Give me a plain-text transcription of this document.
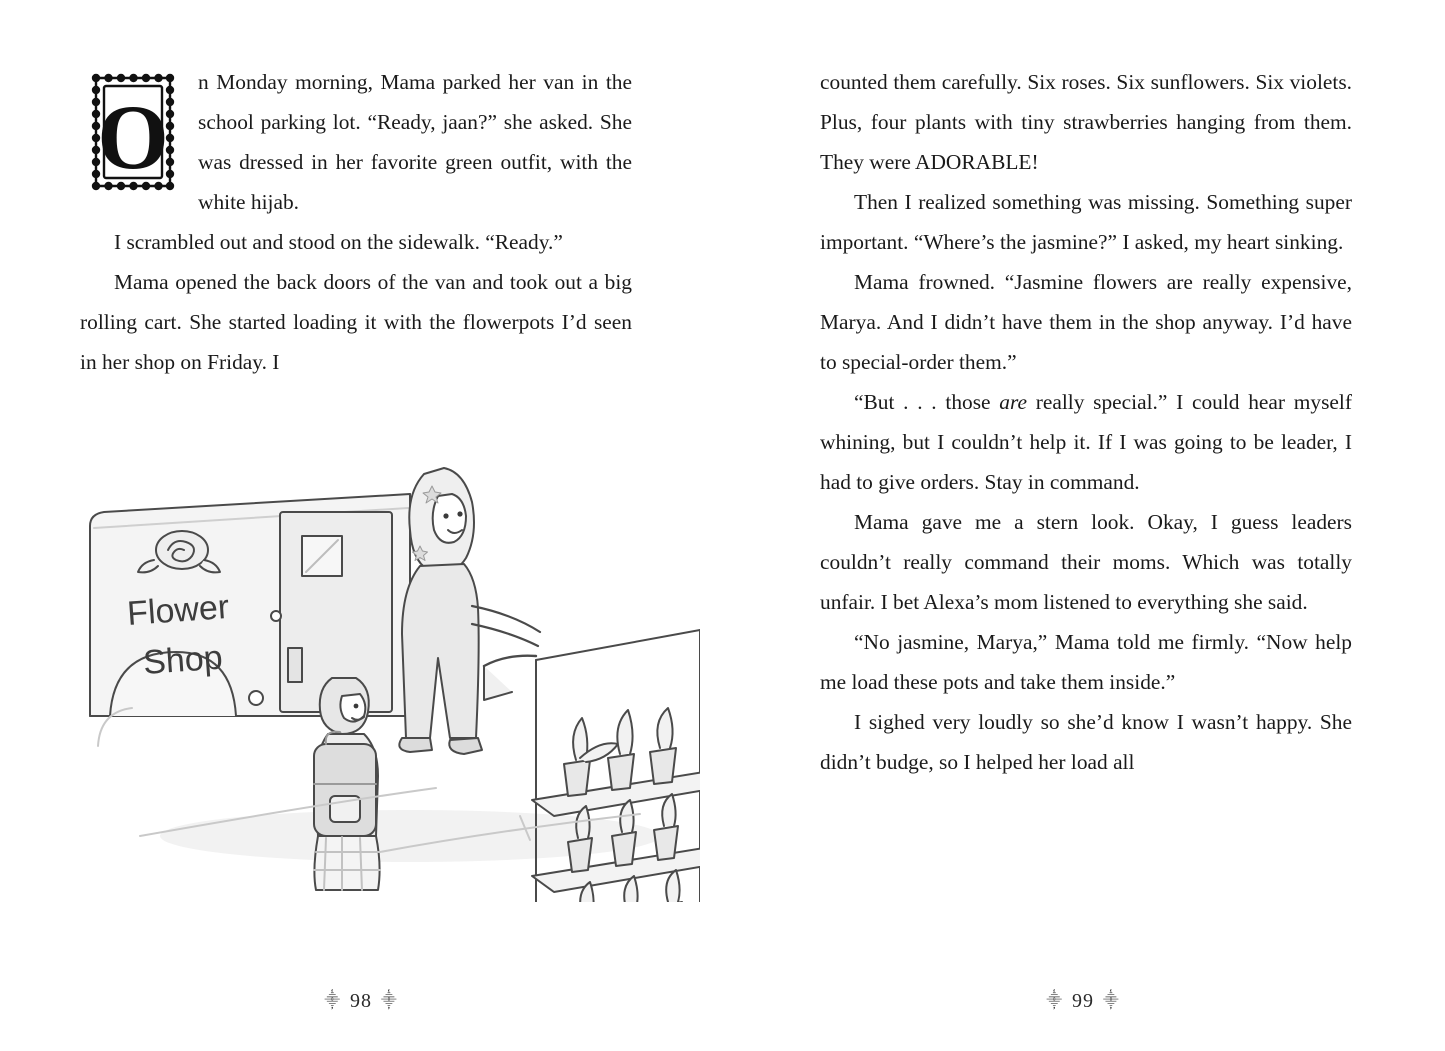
O

n Monday morning, Mama parked her van in the school parking lot. “Ready, jaan?” she asked. She was dressed in her favorite green outfit, with the white hijab.

I scrambled out and stood on the sidewalk. “Ready.”

Mama opened the back doors of the van and took out a big rolling cart. She started loading it with the flowerpots I’d seen in her shop on Friday. I

Flower
Shop
⸎ 98 ⸎

counted them carefully. Six roses. Six sunflowers. Six violets. Plus, four plants with tiny strawberries hanging from them. They were ADORABLE!

Then I realized something was missing. Something super important. “Where’s the jasmine?” I asked, my heart sinking.

Mama frowned. “Jasmine flowers are really expensive, Marya. And I didn’t have them in the shop anyway. I’d have to special-order them.”

“But . . . those are really special.” I could hear myself whining, but I couldn’t help it. If I was going to be leader, I had to give orders. Stay in command.

Mama gave me a stern look. Okay, I guess leaders couldn’t really command their moms. Which was totally unfair. I bet Alexa’s mom listened to everything she said.

“No jasmine, Marya,” Mama told me firmly. “Now help me load these pots and take them inside.”

I sighed very loudly so she’d know I wasn’t happy. She didn’t budge, so I helped her load all

⸎ 99 ⸎
